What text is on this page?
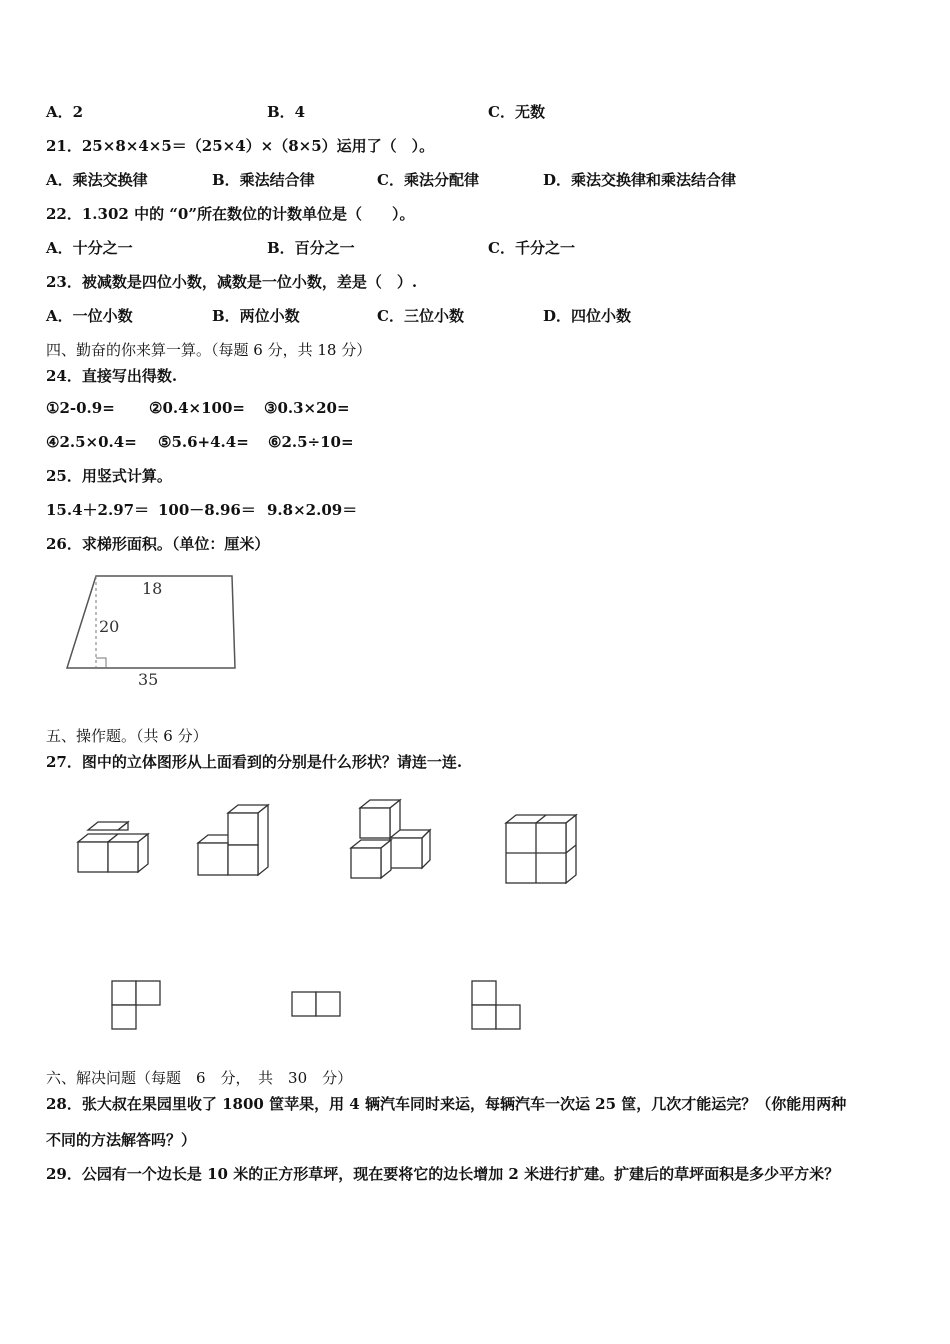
A．2	B．4	C．无数
21．25×8×4×5＝（25×4）×（8×5）运用了（　）。
A．乘法交换律	B．乘法结合律	C．乘法分配律	D．乘法交换律和乘法结合律
22．1.302 中的 “0”所在数位的计数单位是（　　）。
A．十分之一	B．百分之一	C．千分之一
23．被减数是四位小数，减数是一位小数，差是（　）.
A．一位小数	B．两位小数	C．三位小数	D．四位小数
四、勤奋的你来算一算。（每题 6 分，共 18 分）
24．直接写出得数.
①2-0.9= ②0.4×100= ③0.3×20=
④2.5×0.4= ⑤5.6+4.4= ⑥2.5÷10=
25．用竖式计算。
15.4＋2.97＝ 100－8.96＝ 9.8×2.09＝
26．求梯形面积。（单位：厘米）
18
20
35
五、操作题。（共 6 分）
27．图中的立体图形从上面看到的分别是什么形状？请连一连.
六、解决问题（每题　6　分，　共　30　分）
28．张大叔在果园里收了 1800 筐苹果，用 4 辆汽车同时来运，每辆汽车一次运 25 筐，几次才能运完？（你能用两种
不同的方法解答吗？）
29．公园有一个边长是 10 米的正方形草坪，现在要将它的边长增加 2 米进行扩建。扩建后的草坪面积是多少平方米？
